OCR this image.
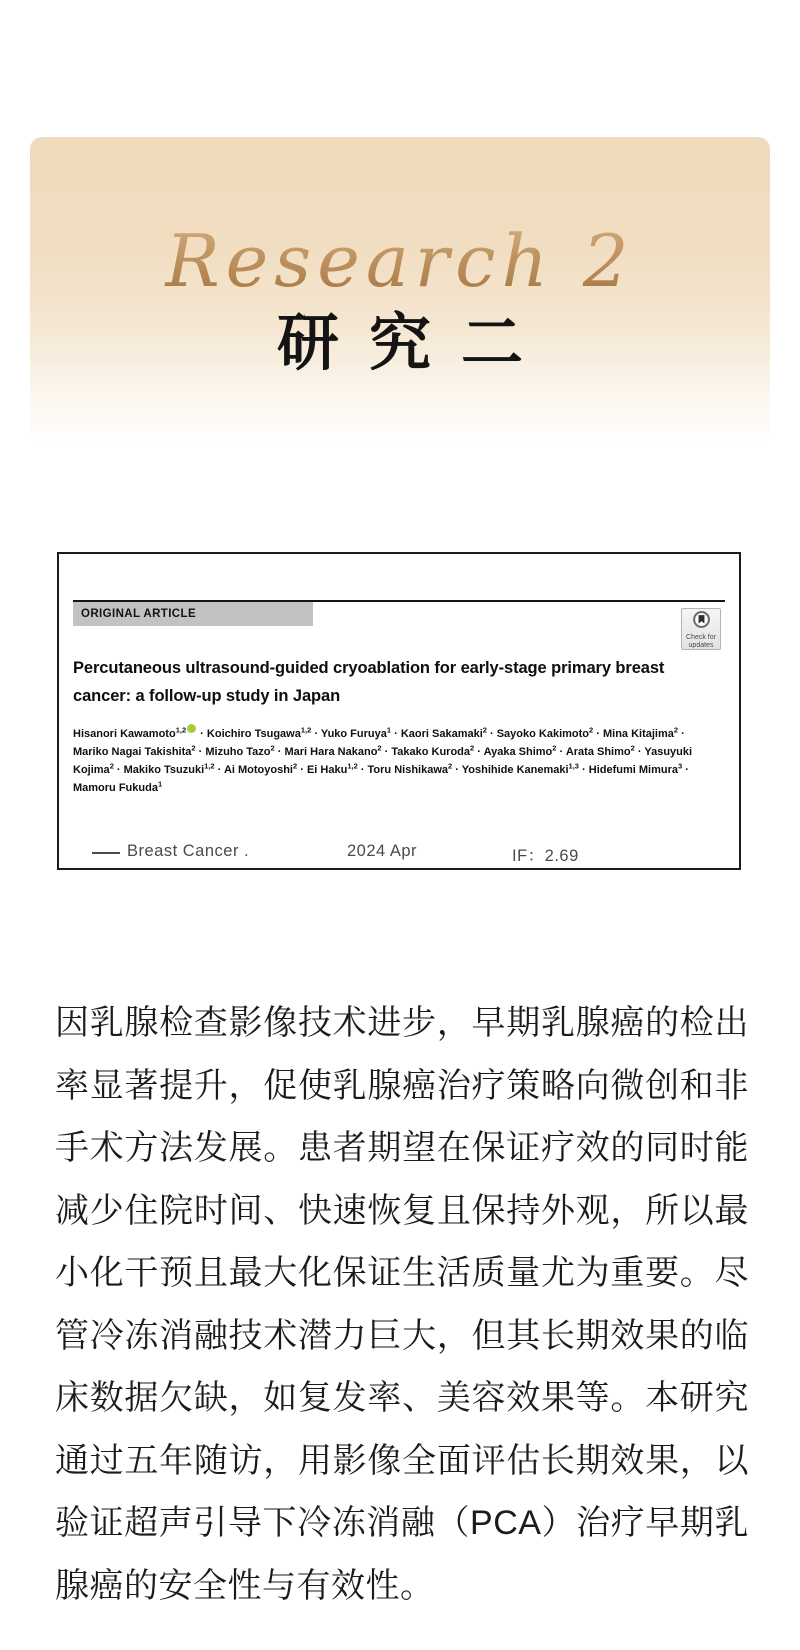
Research 2
研究二
ORIGINAL ARTICLE
Check for
updates
Percutaneous ultrasound-guided cryoablation for early-stage primary breast cancer: a follow-up study in Japan
Hisanori Kawamoto$^{1,2}$ · Koichiro Tsugawa$^{1,2}$ · Yuko Furuya$^1$ · Kaori Sakamaki$^2$ · Sayoko Kakimoto$^2$ · Mina Kitajima$^2$ · Mariko Nagai Takishita$^2$ · Mizuho Tazo$^2$ · Mari Hara Nakano$^2$ · Takako Kuroda$^2$ · Ayaka Shimo$^2$ · Arata Shimo$^2$ · Yasuyuki Kojima$^2$ · Makiko Tsuzuki$^{1,2}$ · Ai Motoyoshi$^2$ · Ei Haku$^{1,2}$ · Toru Nishikawa$^2$ · Yoshihide Kanemaki$^{1,3}$ · Hidefumi Mimura$^3$ · Mamoru Fukuda$^1$
Breast Cancer .	2024 Apr	IF：2.69
因乳腺检查影像技术进步，早期乳腺癌的检出率显著提升，促使乳腺癌治疗策略向微创和非手术方法发展。患者期望在保证疗效的同时能减少住院时间、快速恢复且保持外观，所以最小化干预且最大化保证生活质量尤为重要。尽管冷冻消融技术潜力巨大，但其长期效果的临床数据欠缺，如复发率、美容效果等。本研究通过五年随访，用影像全面评估长期效果，以验证超声引导下冷冻消融（PCA）治疗早期乳腺癌的安全性与有效性。
